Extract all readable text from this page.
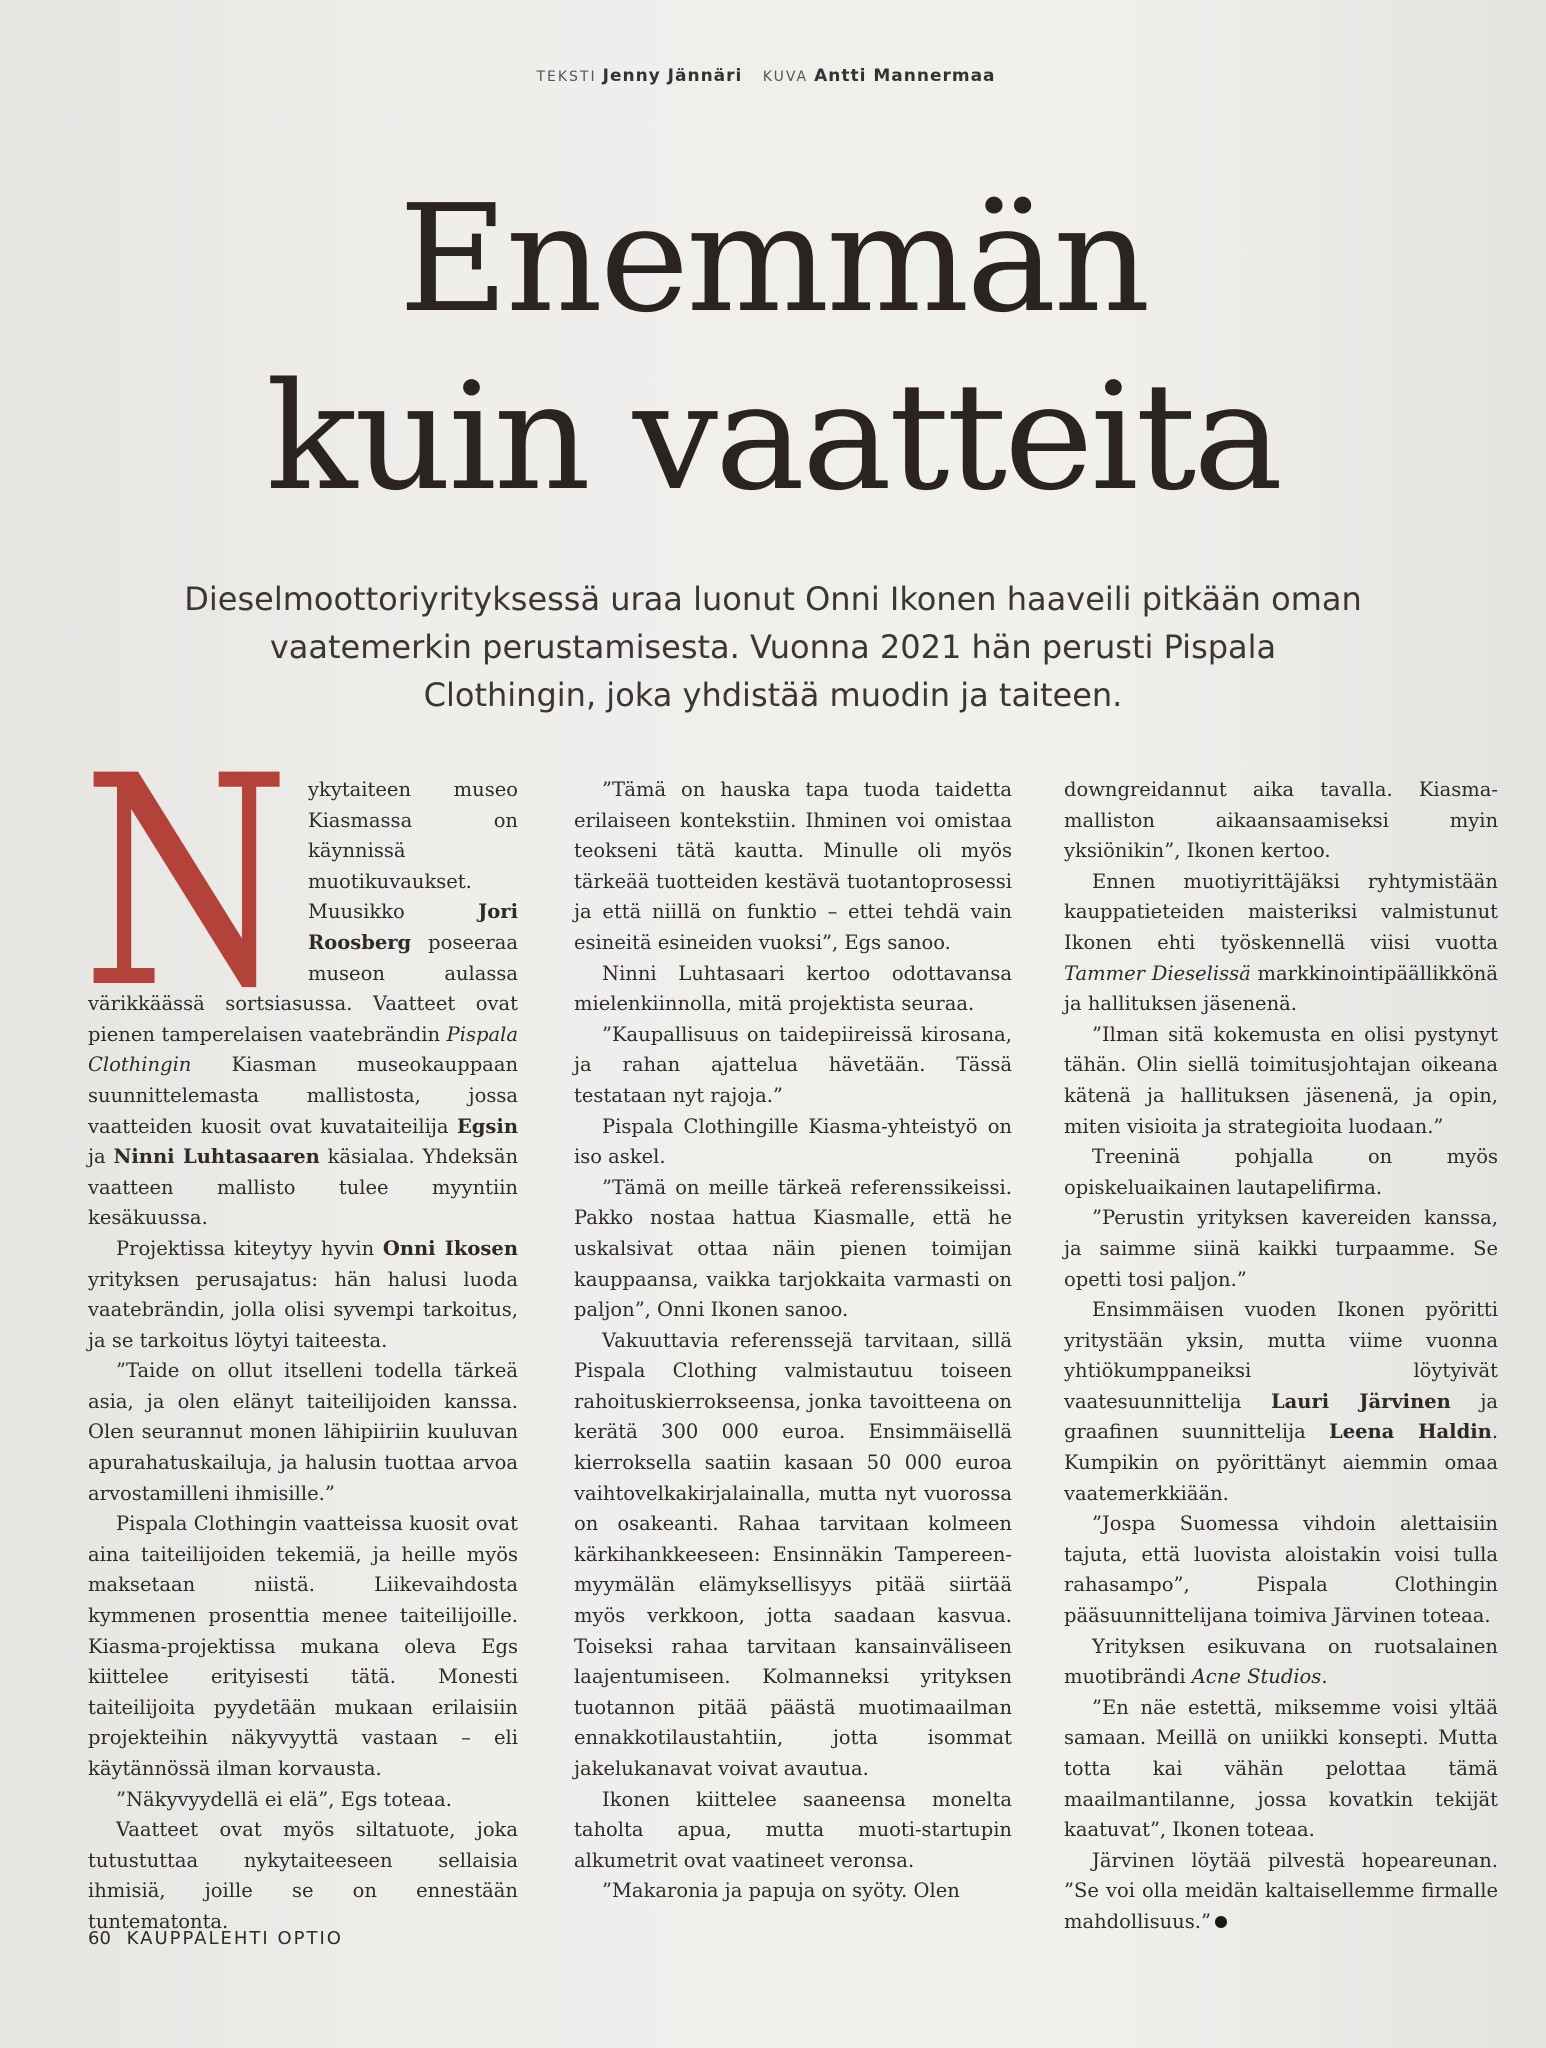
TEKSTI Jenny Jännäri KUVA Antti Mannermaa
Enemmän
kuin vaatteita
Dieselmoottoriyrityksessä uraa luonut Onni Ikonen haaveili pitkään oman vaatemerkin perustamisesta. Vuonna 2021 hän perusti Pispala Clothingin, joka yhdistää muodin ja taiteen.
N ykytaiteen museo Kiasmassa on käynnissä muotikuvaukset. Muusikko Jori Roosberg poseeraa museon aulassa värikkäässä sortsiasussa. Vaatteet ovat pienen tamperelaisen vaatebrändin Pispala Clothingin Kiasman museokauppaan suunnittelemasta mallistosta, jossa vaatteiden kuosit ovat kuvataiteilija Egsin ja Ninni Luhtasaaren käsialaa. Yhdeksän vaatteen mallisto tulee myyntiin kesäkuussa.

Projektissa kiteytyy hyvin Onni Ikosen yrityksen perusajatus: hän halusi luoda vaatebrändin, jolla olisi syvempi tarkoitus, ja se tarkoitus löytyi taiteesta.

”Taide on ollut itselleni todella tärkeä asia, ja olen elänyt taiteilijoiden kanssa. Olen seurannut monen lähipiiriin kuuluvan apurahatuskailuja, ja halusin tuottaa arvoa arvostamilleni ihmisille.”

Pispala Clothingin vaatteissa kuosit ovat aina taiteilijoiden tekemiä, ja heille myös maksetaan niistä. Liikevaihdosta kymmenen prosenttia menee taiteilijoille. Kiasma-projektissa mukana oleva Egs kiittelee erityisesti tätä. Monesti taiteilijoita pyydetään mukaan erilaisiin projekteihin näkyvyyttä vastaan – eli käytännössä ilman korvausta.

”Näkyvyydellä ei elä”, Egs toteaa.

Vaatteet ovat myös siltatuote, joka tutustuttaa nykytaiteeseen sellaisia ihmisiä, joille se on ennestään tuntematonta.

”Tämä on hauska tapa tuoda taidetta erilaiseen kontekstiin. Ihminen voi omistaa teokseni tätä kautta. Minulle oli myös tärkeää tuotteiden kestävä tuotantoprosessi ja että niillä on funktio – ettei tehdä vain esineitä esineiden vuoksi”, Egs sanoo.

Ninni Luhtasaari kertoo odottavansa mielenkiinnolla, mitä projektista seuraa.

”Kaupallisuus on taidepiireissä kirosana, ja rahan ajattelua hävetään. Tässä testataan nyt rajoja.”

Pispala Clothingille Kiasma-yhteistyö on iso askel.

”Tämä on meille tärkeä referenssikeissi. Pakko nostaa hattua Kiasmalle, että he uskalsivat ottaa näin pienen toimijan kauppaansa, vaikka tarjokkaita varmasti on paljon”, Onni Ikonen sanoo.

Vakuuttavia referenssejä tarvitaan, sillä Pispala Clothing valmistautuu toiseen rahoituskierrokseensa, jonka tavoitteena on kerätä 300 000 euroa. Ensimmäisellä kierroksella saatiin kasaan 50 000 euroa vaihtovelkakirjalainalla, mutta nyt vuorossa on osakeanti. Rahaa tarvitaan kolmeen kärkihankkeeseen: Ensinnäkin Tampereen-myymälän elämyksellisyys pitää siirtää myös verkkoon, jotta saadaan kasvua. Toiseksi rahaa tarvitaan kansainväliseen laajentumiseen. Kolmanneksi yrityksen tuotannon pitää päästä muotimaailman ennakkotilaustahtiin, jotta isommat jakelukanavat voivat avautua.

Ikonen kiittelee saaneensa monelta taholta apua, mutta muoti-startupin alkumetrit ovat vaatineet veronsa.

”Makaronia ja papuja on syöty. Olen

downgreidannut aika tavalla. Kiasma-malliston aikaansaamiseksi myin yksiönikin”, Ikonen kertoo.

Ennen muotiyrittäjäksi ryhtymistään kauppatieteiden maisteriksi valmistunut Ikonen ehti työskennellä viisi vuotta Tammer Dieselissä markkinointipäällikkönä ja hallituksen jäsenenä.

”Ilman sitä kokemusta en olisi pystynyt tähän. Olin siellä toimitusjohtajan oikeana kätenä ja hallituksen jäsenenä, ja opin, miten visioita ja strategioita luodaan.”

Treeninä pohjalla on myös opiskeluaikainen lautapelifirma.

”Perustin yrityksen kavereiden kanssa, ja saimme siinä kaikki turpaamme. Se opetti tosi paljon.”

Ensimmäisen vuoden Ikonen pyöritti yritystään yksin, mutta viime vuonna yhtiökumppaneiksi löytyivät vaatesuunnittelija Lauri Järvinen ja graafinen suunnittelija Leena Haldin. Kumpikin on pyörittänyt aiemmin omaa vaatemerkkiään.

”Jospa Suomessa vihdoin alettaisiin tajuta, että luovista aloistakin voisi tulla rahasampo”, Pispala Clothingin pääsuunnittelijana toimiva Järvinen toteaa.

Yrityksen esikuvana on ruotsalainen muotibrändi Acne Studios.

”En näe estettä, miksemme voisi yltää samaan. Meillä on uniikki konsepti. Mutta totta kai vähän pelottaa tämä maailmantilanne, jossa kovatkin tekijät kaatuvat”, Ikonen toteaa.

Järvinen löytää pilvestä hopeareunan. ”Se voi olla meidän kaltaisellemme firmalle mahdollisuus.”

60 KAUPPALEHTI OPTIO
